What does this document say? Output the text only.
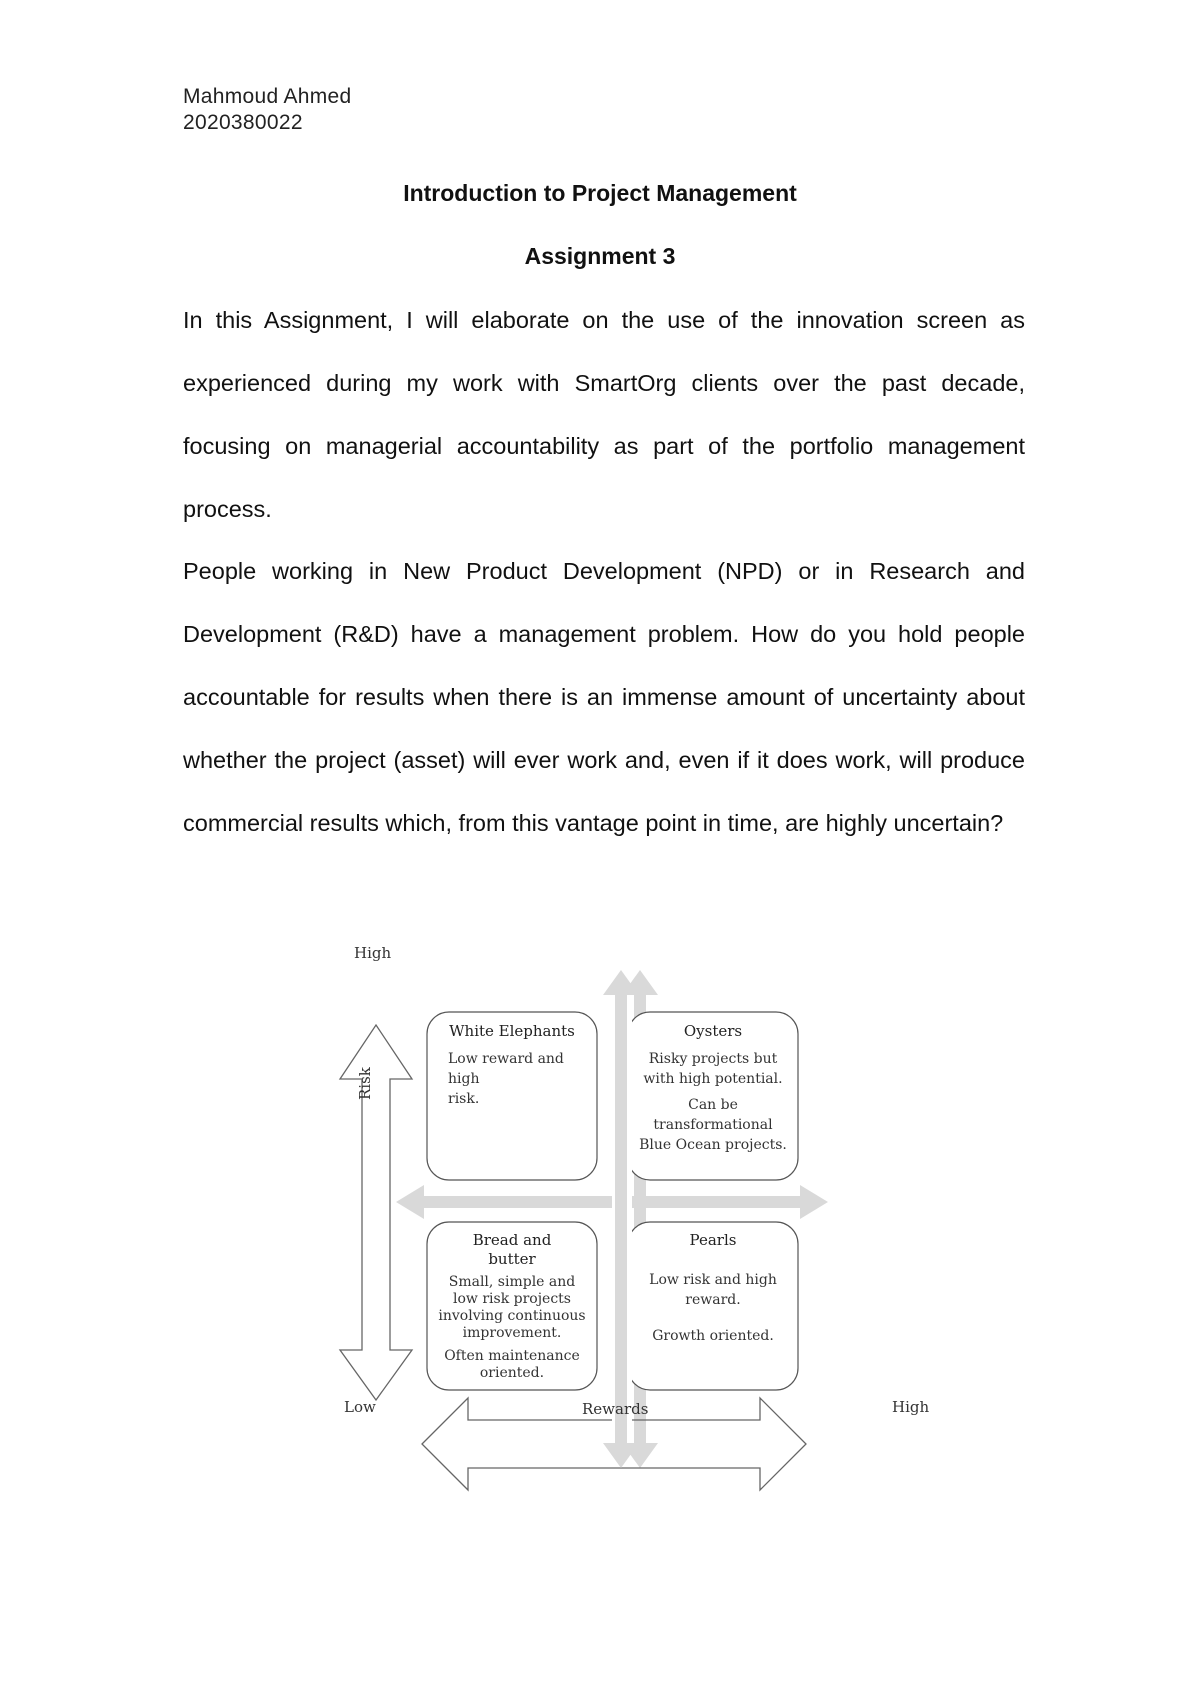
Mahmoud Ahmed
2020380022
Introduction to Project Management
Assignment 3

In this Assignment, I will elaborate on the use of the innovation screen as experienced during my work with SmartOrg clients over the past decade, focusing on managerial accountability as part of the portfolio management process.

People working in New Product Development (NPD) or in Research and Development (R&D) have a management problem. How do you hold people accountable for results when there is an immense amount of uncertainty about whether the project (asset) will ever work and, even if it does work, will produce commercial results which, from this vantage point in time, are highly uncertain?

High
Risk
Low	Rewards	High
White Elephants
Low reward and high
risk.
Oysters
Risky projects but
with high potential.
Can be
transformational
Blue Ocean projects.
Bread and
butter
Small, simple and
low risk projects
involving continuous
improvement.
Often maintenance
oriented.
Pearls
Low risk and high
reward.
Growth oriented.
